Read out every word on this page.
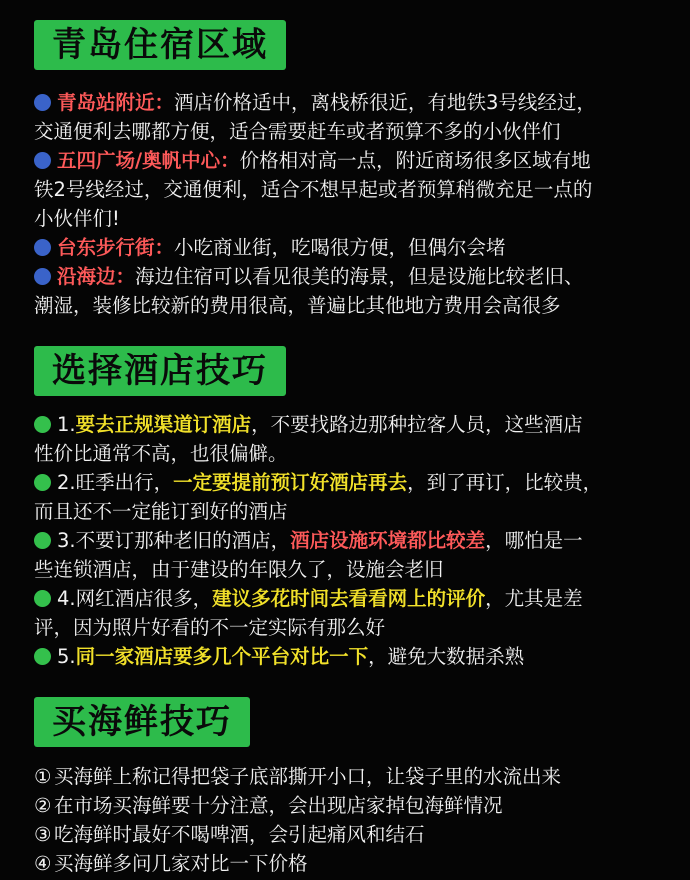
青岛住宿区域
青岛站附近：酒店价格适中，离栈桥很近，有地铁3号线经过，
交通便利去哪都方便，适合需要赶车或者预算不多的小伙伴们
五四广场/奥帆中心：价格相对高一点，附近商场很多区域有地
铁2号线经过，交通便利，适合不想早起或者预算稍微充足一点的
小伙伴们!
台东步行街：小吃商业街，吃喝很方便，但偶尔会堵
沿海边：海边住宿可以看见很美的海景，但是设施比较老旧、
潮湿，装修比较新的费用很高，普遍比其他地方费用会高很多
选择酒店技巧
1.要去正规渠道订酒店，不要找路边那种拉客人员，这些酒店
性价比通常不高，也很偏僻。
2.旺季出行，一定要提前预订好酒店再去，到了再订，比较贵，
而且还不一定能订到好的酒店
3.不要订那种老旧的酒店，酒店设施环境都比较差，哪怕是一
些连锁酒店，由于建设的年限久了，设施会老旧
4.网红酒店很多，建议多花时间去看看网上的评价，尤其是差
评，因为照片好看的不一定实际有那么好
5.同一家酒店要多几个平台对比一下，避免大数据杀熟
买海鲜技巧
① 买海鲜上称记得把袋子底部撕开小口，让袋子里的水流出来
② 在市场买海鲜要十分注意，会出现店家掉包海鲜情况
③ 吃海鲜时最好不喝啤酒，会引起痛风和结石
④ 买海鲜多问几家对比一下价格
